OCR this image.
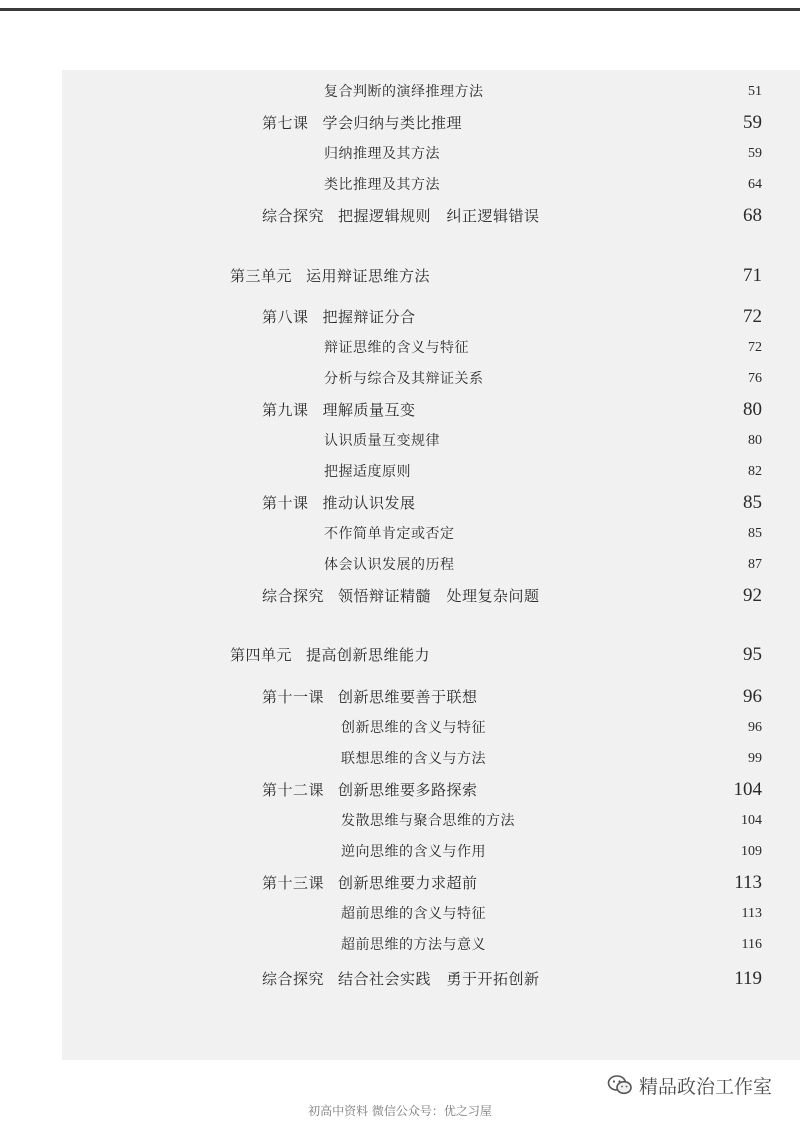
复合判断的演绎推理方法	51
第七课 学会归纳与类比推理	59
归纳推理及其方法	59
类比推理及其方法	64
综合探究 把握逻辑规则　纠正逻辑错误	68
第三单元 运用辩证思维方法	71
第八课 把握辩证分合	72
辩证思维的含义与特征	72
分析与综合及其辩证关系	76
第九课 理解质量互变	80
认识质量互变规律	80
把握适度原则	82
第十课 推动认识发展	85
不作简单肯定或否定	85
体会认识发展的历程	87
综合探究 领悟辩证精髓　处理复杂问题	92
第四单元 提高创新思维能力	95
第十一课 创新思维要善于联想	96
创新思维的含义与特征	96
联想思维的含义与方法	99
第十二课 创新思维要多路探索	104
发散思维与聚合思维的方法	104
逆向思维的含义与作用	109
第十三课 创新思维要力求超前	113
超前思维的含义与特征	113
超前思维的方法与意义	116
综合探究 结合社会实践　勇于开拓创新	119
精品政治工作室
初高中资料 微信公众号：优之习屋
